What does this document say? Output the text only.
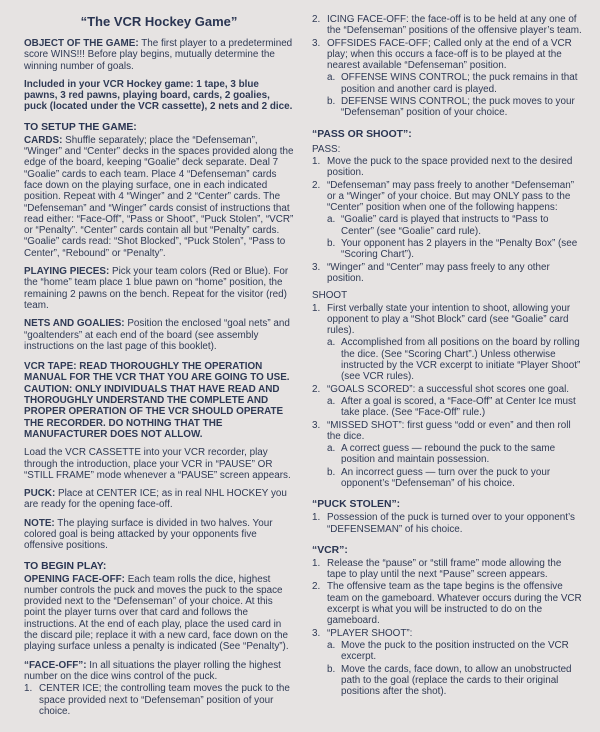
“The VCR Hockey Game”

OBJECT OF THE GAME: The first player to a predetermined score WINS!!! Before play begins, mutually determine the winning number of goals.

Included in your VCR Hockey game: 1 tape, 3 blue pawns, 3 red pawns, playing board, cards, 2 goalies, puck (located under the VCR cassette), 2 nets and 2 dice.

TO SETUP THE GAME:

CARDS: Shuffle separately; place the “Defenseman”, “Winger” and “Center” decks in the spaces provided along the edge of the board, keeping “Goalie” deck separate. Deal 7 “Goalie” cards to each team. Place 4 “Defenseman” cards face down on the playing surface, one in each indicated position. Repeat with 4 “Winger” and 2 “Center” cards. The “Defenseman” and “Winger” cards consist of instructions that read either: “Face-Off”, “Pass or Shoot”, “Puck Stolen”, “VCR” or “Penalty”. “Center” cards contain all but “Penalty” cards. “Goalie” cards read: “Shot Blocked”, “Puck Stolen”, “Pass to Center”, “Rebound” or “Penalty”.

PLAYING PIECES: Pick your team colors (Red or Blue). For the “home” team place 1 blue pawn on “home” position, the remaining 2 pawns on the bench. Repeat for the visitor (red) team.

NETS AND GOALIES: Position the enclosed “goal nets” and “goaltenders” at each end of the board (see assembly instructions on the last page of this booklet).

VCR TAPE: READ THOROUGHLY THE OPERATION MANUAL FOR THE VCR THAT YOU ARE GOING TO USE. CAUTION: ONLY INDIVIDUALS THAT HAVE READ AND THOROUGHLY UNDERSTAND THE COMPLETE AND PROPER OPERATION OF THE VCR SHOULD OPERATE THE RECORDER. DO NOTHING THAT THE MANUFACTURER DOES NOT ALLOW.

Load the VCR CASSETTE into your VCR recorder, play through the introduction, place your VCR in “PAUSE” OR “STILL FRAME” mode whenever a “PAUSE” screen appears.

PUCK: Place at CENTER ICE; as in real NHL HOCKEY you are ready for the opening face-off.

NOTE: The playing surface is divided in two halves. Your colored goal is being attacked by your opponents five offensive positions.

TO BEGIN PLAY:

OPENING FACE-OFF: Each team rolls the dice, highest number controls the puck and moves the puck to the space provided next to the “Defenseman” of your choice. At this point the player turns over that card and follows the instructions. At the end of each play, place the used card in the discard pile; replace it with a new card, face down on the playing surface unless a penalty is indicated (See “Penalty”).

“FACE-OFF”: In all situations the player rolling the highest number on the dice wins control of the puck.

1. CENTER ICE; the controlling team moves the puck to the space provided next to “Defenseman” position of your choice.
2. ICING FACE-OFF: the face-off is to be held at any one of the “Defenseman” positions of the offensive player’s team.
3. OFFSIDES FACE-OFF; Called only at the end of a VCR play; when this occurs a face-off is to be played at the nearest available “Defenseman” position.
a. OFFENSE WINS CONTROL; the puck remains in that position and another card is played.
b. DEFENSE WINS CONTROL; the puck moves to your “Defenseman” position of your choice.
“PASS OR SHOOT”:
PASS:
1. Move the puck to the space provided next to the desired position.
2. “Defenseman” may pass freely to another “Defenseman” or a “Winger” of your choice. But may ONLY pass to the “Center” position when one of the following happens:
a. “Goalie” card is played that instructs to “Pass to Center” (see “Goalie” card rule).
b. Your opponent has 2 players in the “Penalty Box” (see “Scoring Chart”).
3. “Winger” and “Center” may pass freely to any other position.
SHOOT
1. First verbally state your intention to shoot, allowing your opponent to play a “Shot Block” card (see “Goalie” card rules).
a. Accomplished from all positions on the board by rolling the dice. (See “Scoring Chart”.) Unless otherwise instructed by the VCR excerpt to initiate “Player Shoot” (see VCR rules).
2. “GOALS SCORED”: a successful shot scores one goal.
a. After a goal is scored, a “Face-Off” at Center Ice must take place. (See “Face-Off” rule.)
3. “MISSED SHOT”: first guess “odd or even” and then roll the dice.
a. A correct guess — rebound the puck to the same position and maintain possession.
b. An incorrect guess — turn over the puck to your opponent’s “Defenseman” of his choice.
“PUCK STOLEN”:
1. Possession of the puck is turned over to your opponent’s “DEFENSEMAN” of his choice.
“VCR”:
1. Release the “pause” or “still frame” mode allowing the tape to play until the next “Pause” screen appears.
2. The offensive team as the tape begins is the offensive team on the gameboard. Whatever occurs during the VCR excerpt is what you will be instructed to do on the gameboard.
3. “PLAYER SHOOT”:
a. Move the puck to the position instructed on the VCR excerpt.
b. Move the cards, face down, to allow an unobstructed path to the goal (replace the cards to their original positions after the shot).
